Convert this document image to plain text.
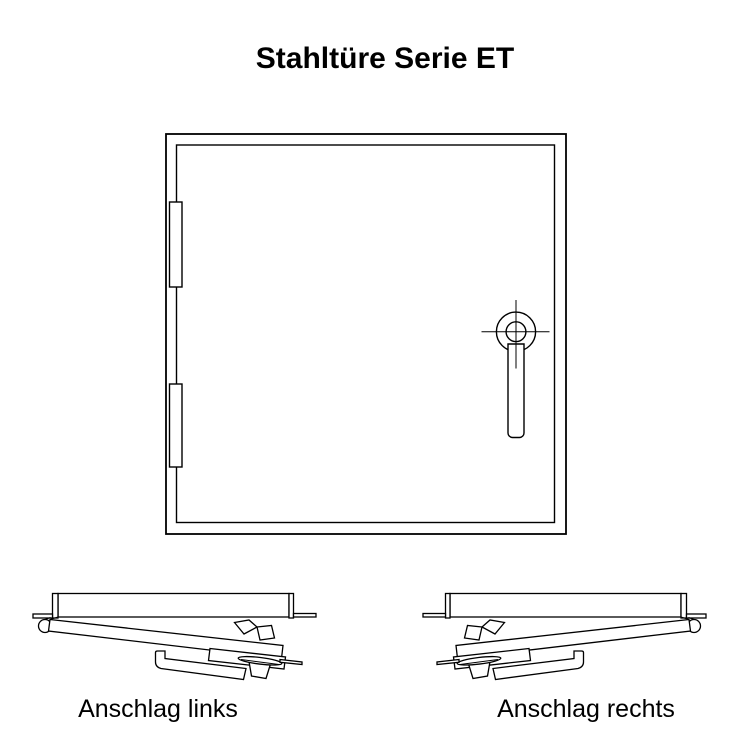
Stahltüre Serie ET
Anschlag links	Anschlag rechts
